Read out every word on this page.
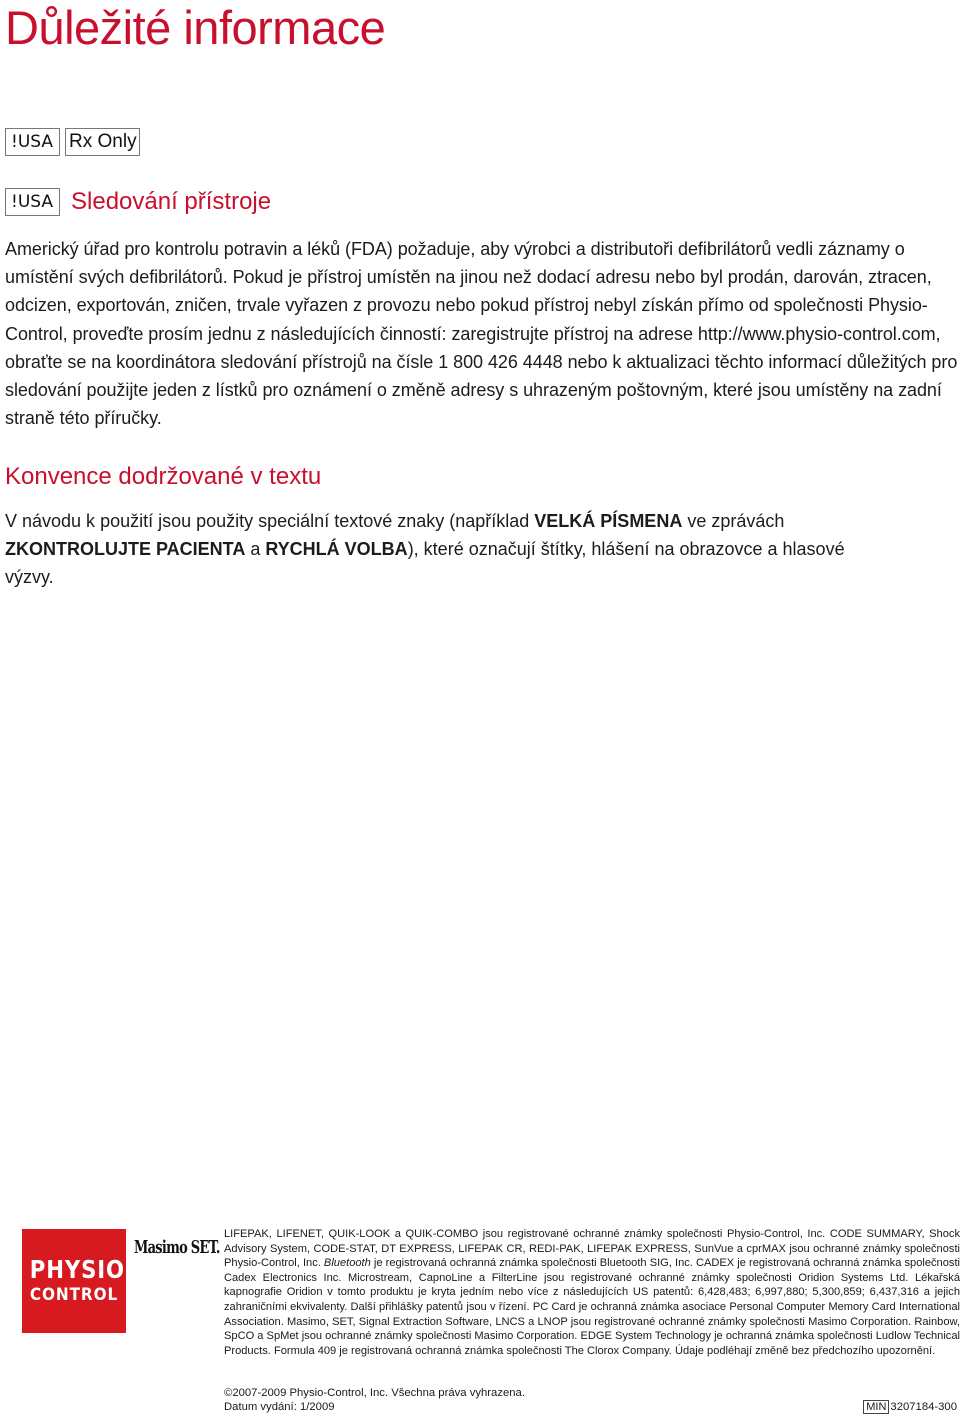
Důležité informace
!USA Rx Only
!USA Sledování přístroje

Americký úřad pro kontrolu potravin a léků (FDA) požaduje, aby výrobci a distributoři defibrilátorů vedli záznamy o umístění svých defibrilátorů. Pokud je přístroj umístěn na jinou než dodací adresu nebo byl prodán, darován, ztracen, odcizen, exportován, zničen, trvale vyřazen z provozu nebo pokud přístroj nebyl získán přímo od společnosti Physio-Control, proveďte prosím jednu z následujících činností: zaregistrujte přístroj na adrese http://www.physio-control.com, obraťte se na koordinátora sledování přístrojů na čísle 1 800 426 4448 nebo k aktualizaci těchto informací důležitých pro sledování použijte jeden z lístků pro oznámení o změně adresy s uhrazeným poštovným, které jsou umístěny na zadní straně této příručky.

Konvence dodržované v textu

V návodu k použití jsou použity speciální textové znaky (například VELKÁ PÍSMENA ve zprávách ZKONTROLUJTE PACIENTA a RYCHLÁ VOLBA), které označují štítky, hlášení na obrazovce a hlasové výzvy.

PHYSIO
CONTROL
Masimo SET.

LIFEPAK, LIFENET, QUIK-LOOK a QUIK-COMBO jsou registrované ochranné známky společnosti Physio-Control, Inc. CODE SUMMARY, Shock Advisory System, CODE-STAT, DT EXPRESS, LIFEPAK CR, REDI-PAK, LIFEPAK EXPRESS, SunVue a cprMAX jsou ochranné známky společnosti Physio-Control, Inc. Bluetooth je registrovaná ochranná známka společnosti Bluetooth SIG, Inc. CADEX je registrovaná ochranná známka společnosti Cadex Electronics Inc. Microstream, CapnoLine a FilterLine jsou registrované ochranné známky společnosti Oridion Systems Ltd. Lékařská kapnografie Oridion v tomto produktu je kryta jedním nebo více z následujících US patentů: 6,428,483; 6,997,880; 5,300,859; 6,437,316 a jejich zahraničními ekvivalenty. Další přihlášky patentů jsou v řízení. PC Card je ochranná známka asociace Personal Computer Memory Card International Association. Masimo, SET, Signal Extraction Software, LNCS a LNOP jsou registrované ochranné známky společnosti Masimo Corporation. Rainbow, SpCO a SpMet jsou ochranné známky společnosti Masimo Corporation. EDGE System Technology je ochranná známka společnosti Ludlow Technical Products. Formula 409 je registrovaná ochranná známka společnosti The Clorox Company. Údaje podléhají změně bez předchozího upozornění.

©2007-2009 Physio-Control, Inc. Všechna práva vyhrazena.

Datum vydání: 1/2009	MIN 3207184-300
